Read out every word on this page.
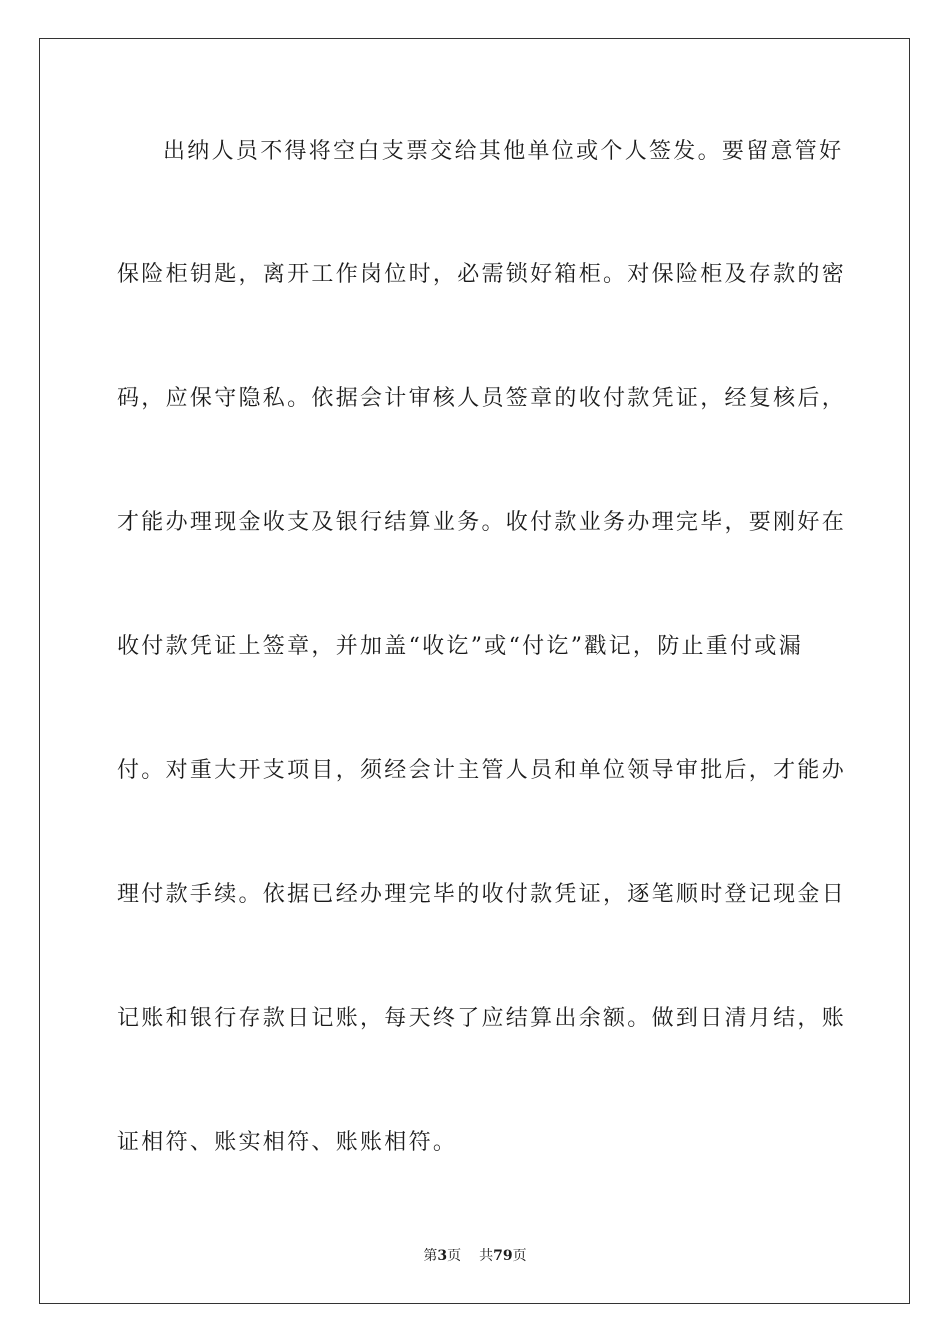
出纳人员不得将空白支票交给其他单位或个人签发。要留意管好
保险柜钥匙，离开工作岗位时，必需锁好箱柜。对保险柜及存款的密
码，应保守隐私。依据会计审核人员签章的收付款凭证，经复核后，
才能办理现金收支及银行结算业务。收付款业务办理完毕，要刚好在
收付款凭证上签章，并加盖“收讫”或“付讫”戳记，防止重付或漏
付。对重大开支项目，须经会计主管人员和单位领导审批后，才能办
理付款手续。依据已经办理完毕的收付款凭证，逐笔顺时登记现金日
记账和银行存款日记账，每天终了应结算出余额。做到日清月结，账
证相符、账实相符、账账相符。
第3页 共79页
